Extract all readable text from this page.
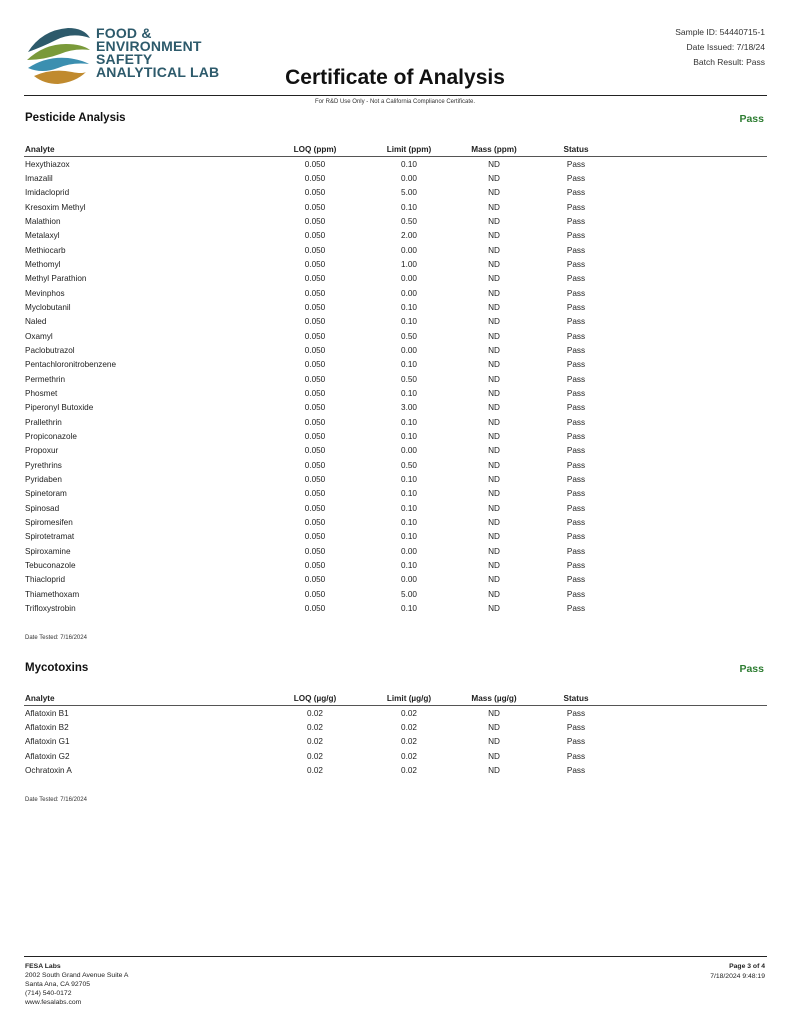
FOOD &
ENVIRONMENT
SAFETY
ANALYTICAL LAB	Certificate of Analysis
Sample ID: 54440715-1
Date Issued: 7/18/24
Batch Result: Pass
For R&D Use Only - Not a California Compliance Certificate.
Pesticide Analysis	Pass
Analyte	LOQ (ppm)	Limit (ppm)	Mass (ppm)	Status	
Hexythiazox	0.050	0.10	ND	Pass	
Imazalil	0.050	0.00	ND	Pass	
Imidacloprid	0.050	5.00	ND	Pass	
Kresoxim Methyl	0.050	0.10	ND	Pass	
Malathion	0.050	0.50	ND	Pass	
Metalaxyl	0.050	2.00	ND	Pass	
Methiocarb	0.050	0.00	ND	Pass	
Methomyl	0.050	1.00	ND	Pass	
Methyl Parathion	0.050	0.00	ND	Pass	
Mevinphos	0.050	0.00	ND	Pass	
Myclobutanil	0.050	0.10	ND	Pass	
Naled	0.050	0.10	ND	Pass	
Oxamyl	0.050	0.50	ND	Pass	
Paclobutrazol	0.050	0.00	ND	Pass	
Pentachloronitrobenzene	0.050	0.10	ND	Pass	
Permethrin	0.050	0.50	ND	Pass	
Phosmet	0.050	0.10	ND	Pass	
Piperonyl Butoxide	0.050	3.00	ND	Pass	
Prallethrin	0.050	0.10	ND	Pass	
Propiconazole	0.050	0.10	ND	Pass	
Propoxur	0.050	0.00	ND	Pass	
Pyrethrins	0.050	0.50	ND	Pass	
Pyridaben	0.050	0.10	ND	Pass	
Spinetoram	0.050	0.10	ND	Pass	
Spinosad	0.050	0.10	ND	Pass	
Spiromesifen	0.050	0.10	ND	Pass	
Spirotetramat	0.050	0.10	ND	Pass	
Spiroxamine	0.050	0.00	ND	Pass	
Tebuconazole	0.050	0.10	ND	Pass	
Thiacloprid	0.050	0.00	ND	Pass	
Thiamethoxam	0.050	5.00	ND	Pass	
Trifloxystrobin	0.050	0.10	ND	Pass	
Date Tested: 7/16/2024
Mycotoxins	Pass
Analyte	LOQ (µg/g)	Limit (µg/g)	Mass (µg/g)	Status	
Aflatoxin B1	0.02	0.02	ND	Pass	
Aflatoxin B2	0.02	0.02	ND	Pass	
Aflatoxin G1	0.02	0.02	ND	Pass	
Aflatoxin G2	0.02	0.02	ND	Pass	
Ochratoxin A	0.02	0.02	ND	Pass	
Date Tested: 7/16/2024
FESA Labs
2002 South Grand Avenue Suite A
Santa Ana, CA 92705
(714) 540-0172
www.fesalabs.com
Page 3 of 4
7/18/2024 9:48:19
